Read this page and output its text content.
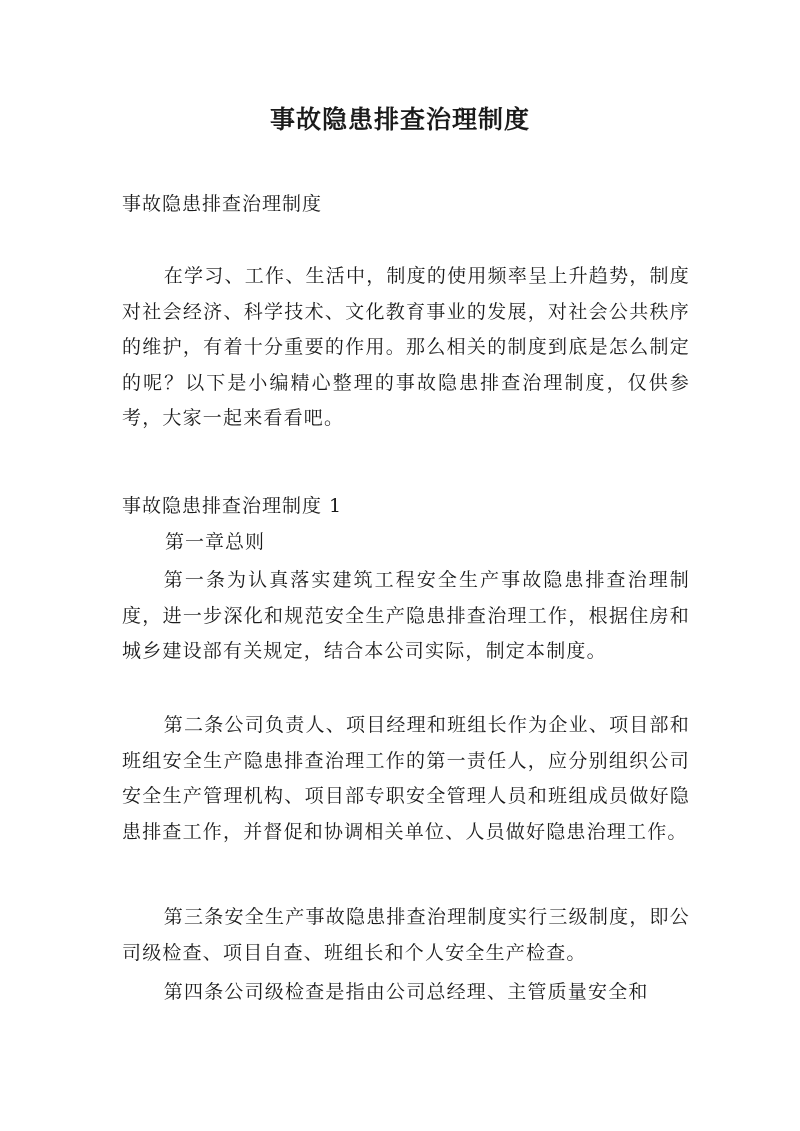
事故隐患排查治理制度
事故隐患排查治理制度
在学习、工作、生活中，制度的使用频率呈上升趋势，制度对社会经济、科学技术、文化教育事业的发展，对社会公共秩序的维护，有着十分重要的作用。那么相关的制度到底是怎么制定的呢？以下是小编精心整理的事故隐患排查治理制度，仅供参考，大家一起来看看吧。
事故隐患排查治理制度 1
第一章总则
第一条为认真落实建筑工程安全生产事故隐患排查治理制度，进一步深化和规范安全生产隐患排查治理工作，根据住房和城乡建设部有关规定，结合本公司实际，制定本制度。
第二条公司负责人、项目经理和班组长作为企业、项目部和班组安全生产隐患排查治理工作的第一责任人，应分别组织公司安全生产管理机构、项目部专职安全管理人员和班组成员做好隐患排查工作，并督促和协调相关单位、人员做好隐患治理工作。
第三条安全生产事故隐患排查治理制度实行三级制度，即公司级检查、项目自查、班组长和个人安全生产检查。
第四条公司级检查是指由公司总经理、主管质量安全和
